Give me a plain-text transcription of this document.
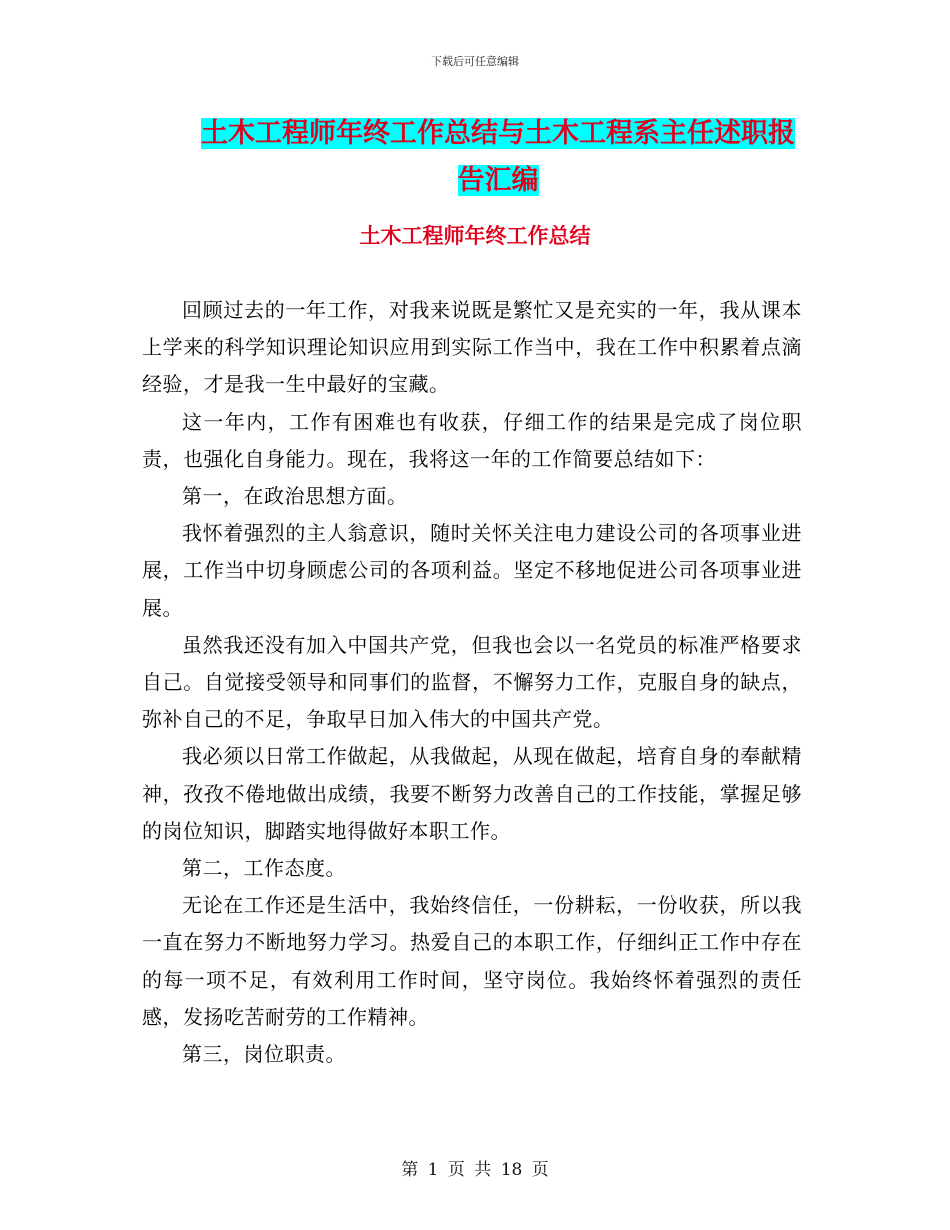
下载后可任意编辑
土木工程师年终工作总结与土木工程系主任述职报告汇编
土木工程师年终工作总结

回顾过去的一年工作，对我来说既是繁忙又是充实的一年，我从课本上学来的科学知识理论知识应用到实际工作当中，我在工作中积累着点滴经验，才是我一生中最好的宝藏。

这一年内，工作有困难也有收获，仔细工作的结果是完成了岗位职责，也强化自身能力。现在，我将这一年的工作简要总结如下：

第一，在政治思想方面。

我怀着强烈的主人翁意识，随时关怀关注电力建设公司的各项事业进展，工作当中切身顾虑公司的各项利益。坚定不移地促进公司各项事业进展。

虽然我还没有加入中国共产党，但我也会以一名党员的标准严格要求自己。自觉接受领导和同事们的监督，不懈努力工作，克服自身的缺点，弥补自己的不足，争取早日加入伟大的中国共产党。

我必须以日常工作做起，从我做起，从现在做起，培育自身的奉献精神，孜孜不倦地做出成绩，我要不断努力改善自己的工作技能，掌握足够的岗位知识，脚踏实地得做好本职工作。

第二，工作态度。

无论在工作还是生活中，我始终信任，一份耕耘，一份收获，所以我一直在努力不断地努力学习。热爱自己的本职工作，仔细纠正工作中存在的每一项不足，有效利用工作时间，坚守岗位。我始终怀着强烈的责任感，发扬吃苦耐劳的工作精神。

第三，岗位职责。

第 1 页 共 18 页
